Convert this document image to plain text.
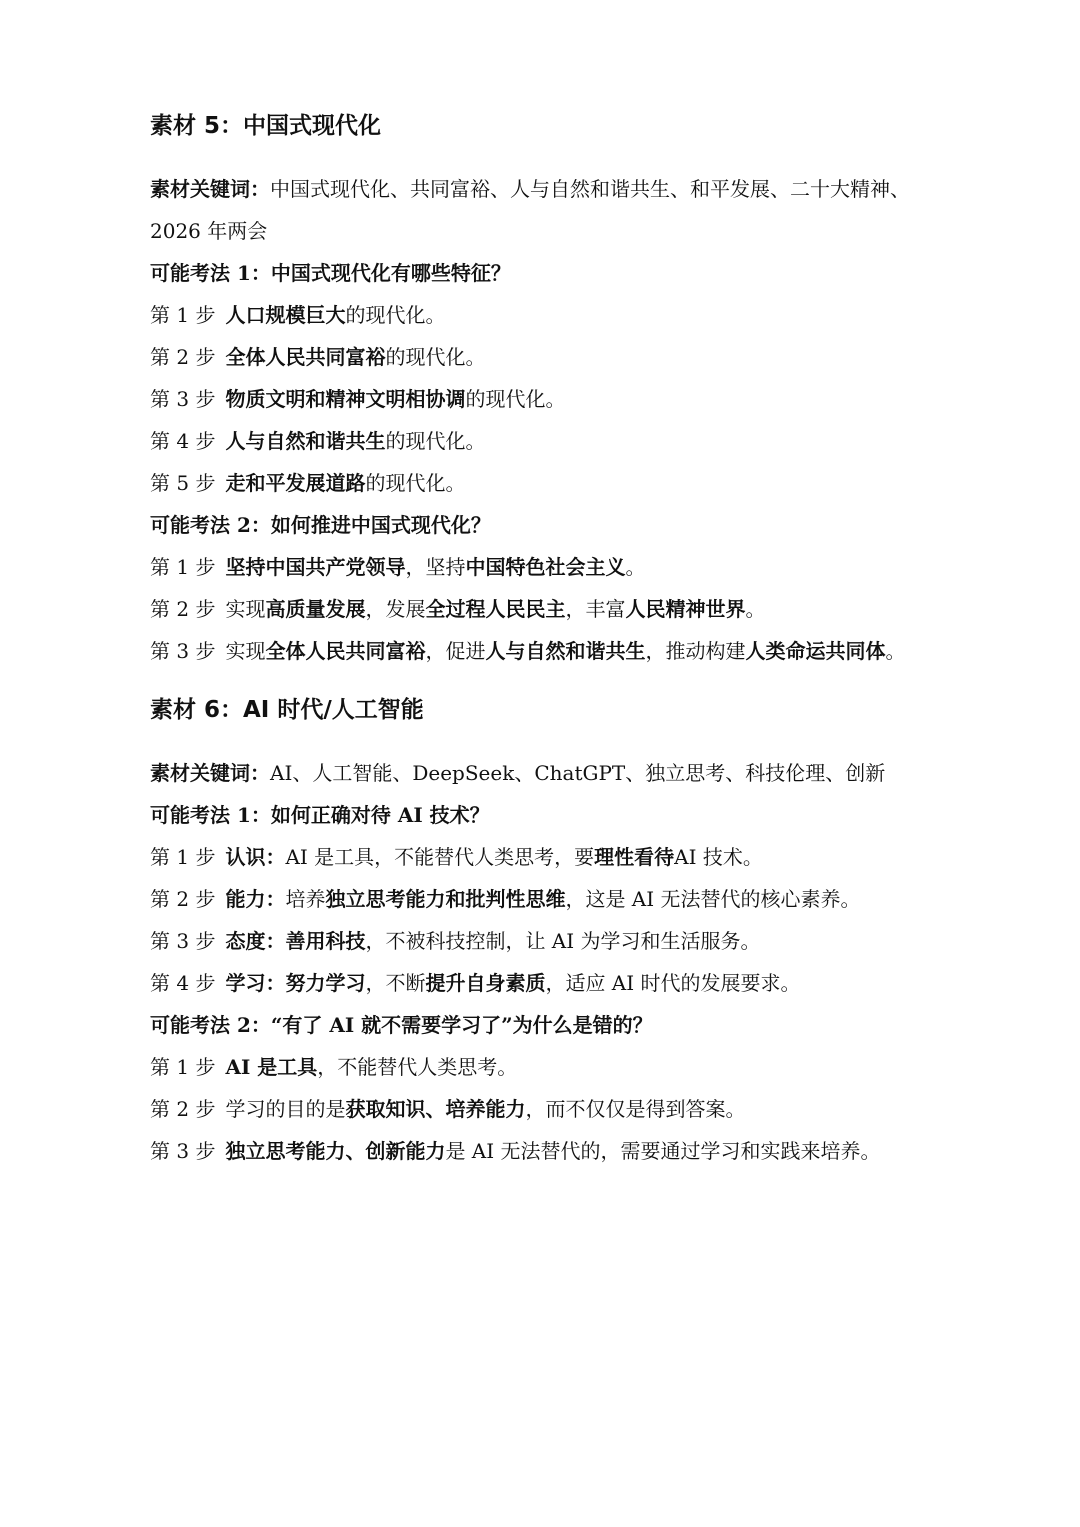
素材 5：中国式现代化
素材关键词：中国式现代化、共同富裕、人与自然和谐共生、和平发展、二十大精神、2026 年两会
可能考法 1：中国式现代化有哪些特征？
第 1 步  人口规模巨大的现代化。
第 2 步  全体人民共同富裕的现代化。
第 3 步  物质文明和精神文明相协调的现代化。
第 4 步  人与自然和谐共生的现代化。
第 5 步  走和平发展道路的现代化。
可能考法 2：如何推进中国式现代化？
第 1 步  坚持中国共产党领导，坚持中国特色社会主义。
第 2 步  实现高质量发展，发展全过程人民民主，丰富人民精神世界。
第 3 步  实现全体人民共同富裕，促进人与自然和谐共生，推动构建人类命运共同体。
素材 6：AI 时代/人工智能
素材关键词：AI、人工智能、DeepSeek、ChatGPT、独立思考、科技伦理、创新
可能考法 1：如何正确对待 AI 技术？
第 1 步  认识：AI 是工具，不能替代人类思考，要理性看待AI 技术。
第 2 步  能力：培养独立思考能力和批判性思维，这是 AI 无法替代的核心素养。
第 3 步  态度：善用科技，不被科技控制，让 AI 为学习和生活服务。
第 4 步  学习：努力学习，不断提升自身素质，适应 AI 时代的发展要求。
可能考法 2：“有了 AI 就不需要学习了”为什么是错的？
第 1 步  AI 是工具，不能替代人类思考。
第 2 步  学习的目的是获取知识、培养能力，而不仅仅是得到答案。
第 3 步  独立思考能力、创新能力是 AI 无法替代的，需要通过学习和实践来培养。
